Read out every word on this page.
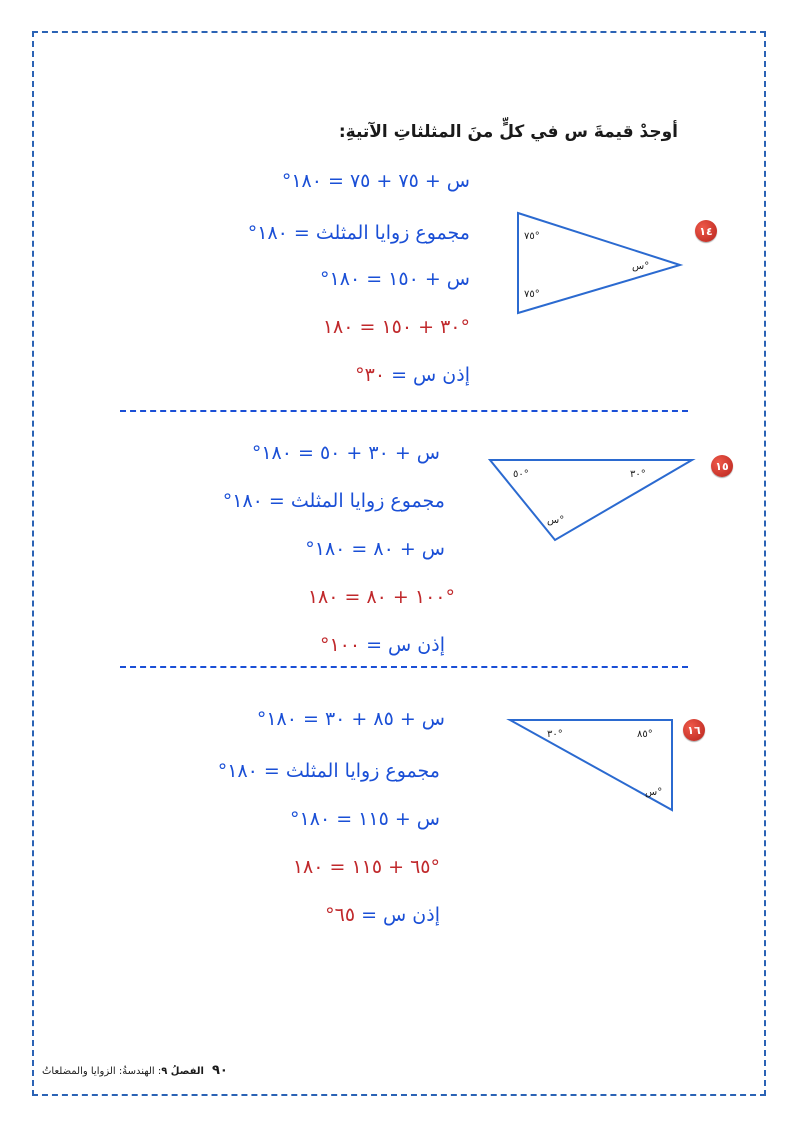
أوجدْ قيمةَ س في كلٍّ منَ المثلثاتِ الآتيةِ:
١٤
٧٥°
٧٥°
س°
س + ٧٥ + ٧٥ = ١٨٠°
مجموع زوايا المثلث = ١٨٠°
س + ١٥٠ = ١٨٠°
٣٠ + ١٥٠ = ١٨٠°
إذن س = ٣٠°
١٥
٥٠°	٣٠°
س°
س + ٣٠ + ٥٠ = ١٨٠°
مجموع زوايا المثلث = ١٨٠°
س + ٨٠ = ١٨٠°
١٠٠ + ٨٠ = ١٨٠°
إذن س = ١٠٠°
١٦
٣٠°	٨٥°
س°
س + ٨٥ + ٣٠ = ١٨٠°
مجموع زوايا المثلث = ١٨٠°
س + ١١٥ = ١٨٠°
٦٥ + ١١٥ = ١٨٠°
إذن س = ٦٥°
٩٠الفصلُ ٩: الهندسةُ: الزوايا والمضلعاتُ
